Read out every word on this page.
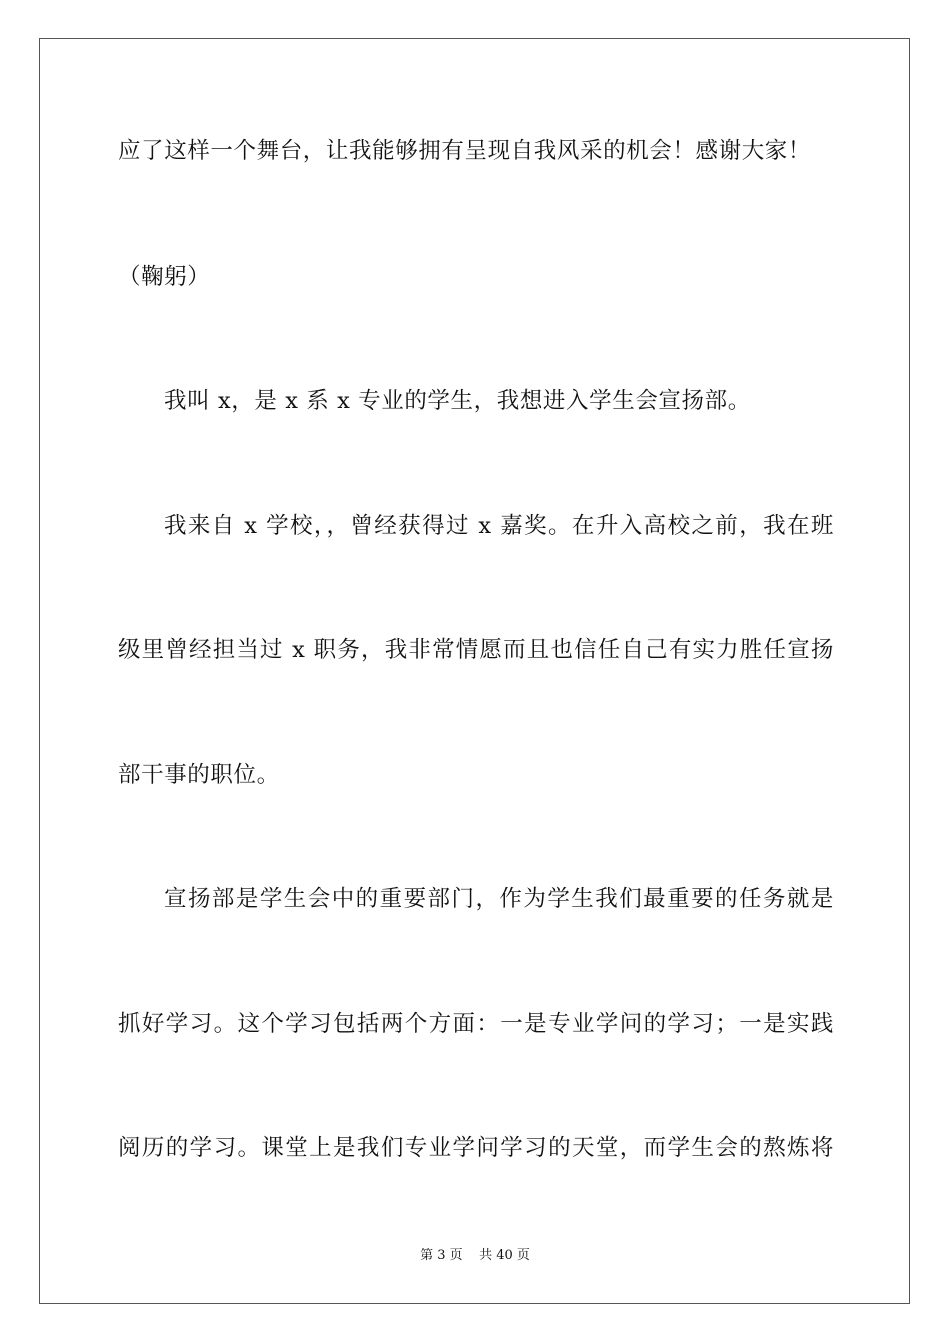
应了这样一个舞台，让我能够拥有呈现自我风采的机会！感谢大家！
（鞠躬）
我叫 x，是 x 系 x 专业的学生，我想进入学生会宣扬部。
我来自 x 学校，，曾经获得过 x 嘉奖。在升入高校之前，我在班
级里曾经担当过 x 职务，我非常情愿而且也信任自己有实力胜任宣扬
部干事的职位。
宣扬部是学生会中的重要部门，作为学生我们最重要的任务就是
抓好学习。这个学习包括两个方面：一是专业学问的学习；一是实践
阅历的学习。课堂上是我们专业学问学习的天堂，而学生会的熬炼将
第 3 页    共 40 页
